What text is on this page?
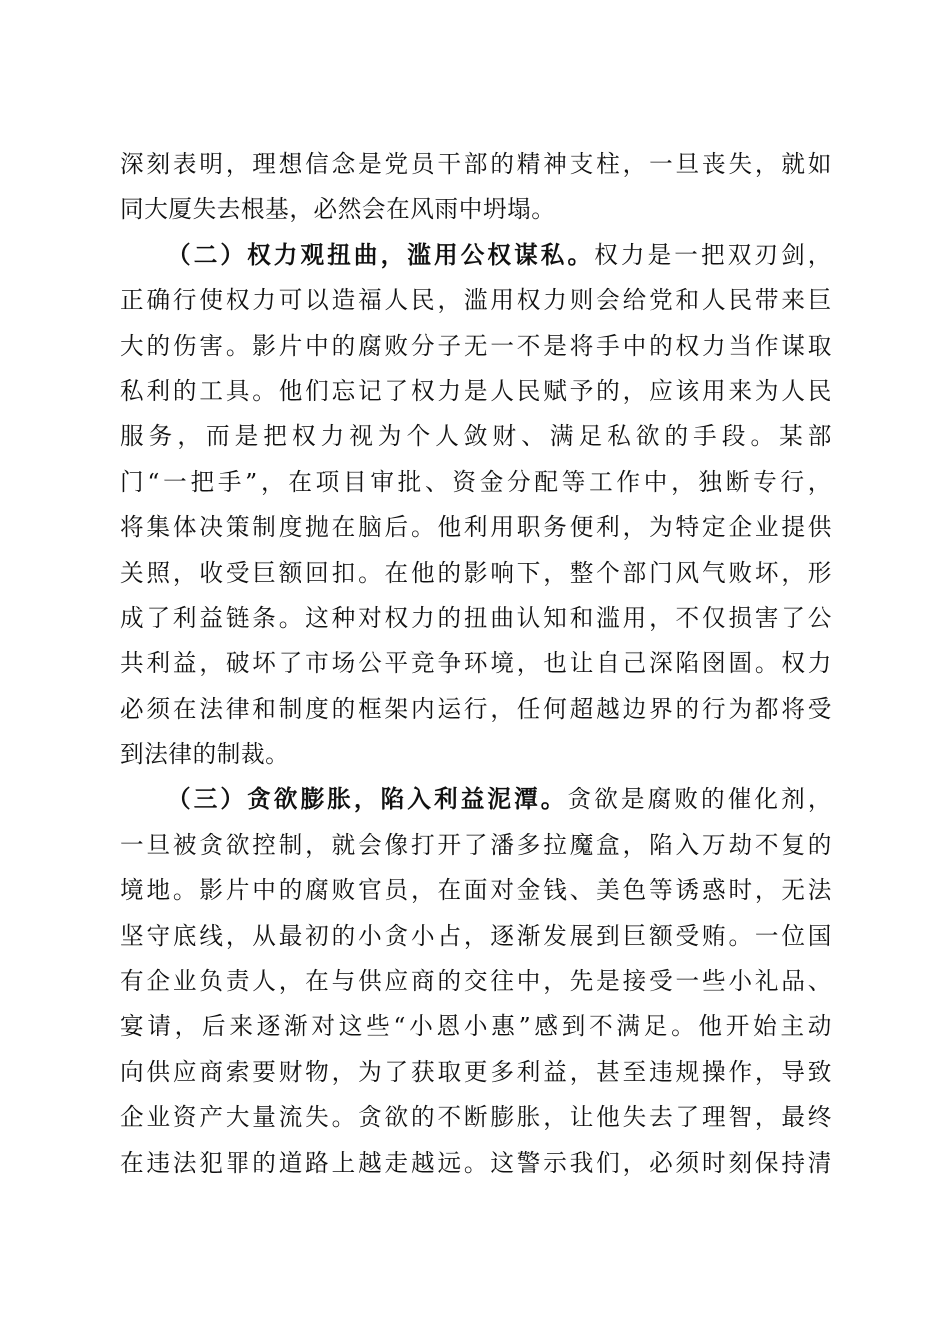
深刻表明，理想信念是党员干部的精神支柱，一旦丧失，就如
同大厦失去根基，必然会在风雨中坍塌。
（二）权力观扭曲，滥用公权谋私。权力是一把双刃剑，
正确行使权力可以造福人民，滥用权力则会给党和人民带来巨
大的伤害。影片中的腐败分子无一不是将手中的权力当作谋取
私利的工具。他们忘记了权力是人民赋予的，应该用来为人民
服务，而是把权力视为个人敛财、满足私欲的手段。某部
门“一把手”，在项目审批、资金分配等工作中，独断专行，
将集体决策制度抛在脑后。他利用职务便利，为特定企业提供
关照，收受巨额回扣。在他的影响下，整个部门风气败坏，形
成了利益链条。这种对权力的扭曲认知和滥用，不仅损害了公
共利益，破坏了市场公平竞争环境，也让自己深陷囹圄。权力
必须在法律和制度的框架内运行，任何超越边界的行为都将受
到法律的制裁。
（三）贪欲膨胀，陷入利益泥潭。贪欲是腐败的催化剂，
一旦被贪欲控制，就会像打开了潘多拉魔盒，陷入万劫不复的
境地。影片中的腐败官员，在面对金钱、美色等诱惑时，无法
坚守底线，从最初的小贪小占，逐渐发展到巨额受贿。一位国
有企业负责人，在与供应商的交往中，先是接受一些小礼品、
宴请，后来逐渐对这些“小恩小惠”感到不满足。他开始主动
向供应商索要财物，为了获取更多利益，甚至违规操作，导致
企业资产大量流失。贪欲的不断膨胀，让他失去了理智，最终
在违法犯罪的道路上越走越远。这警示我们，必须时刻保持清
